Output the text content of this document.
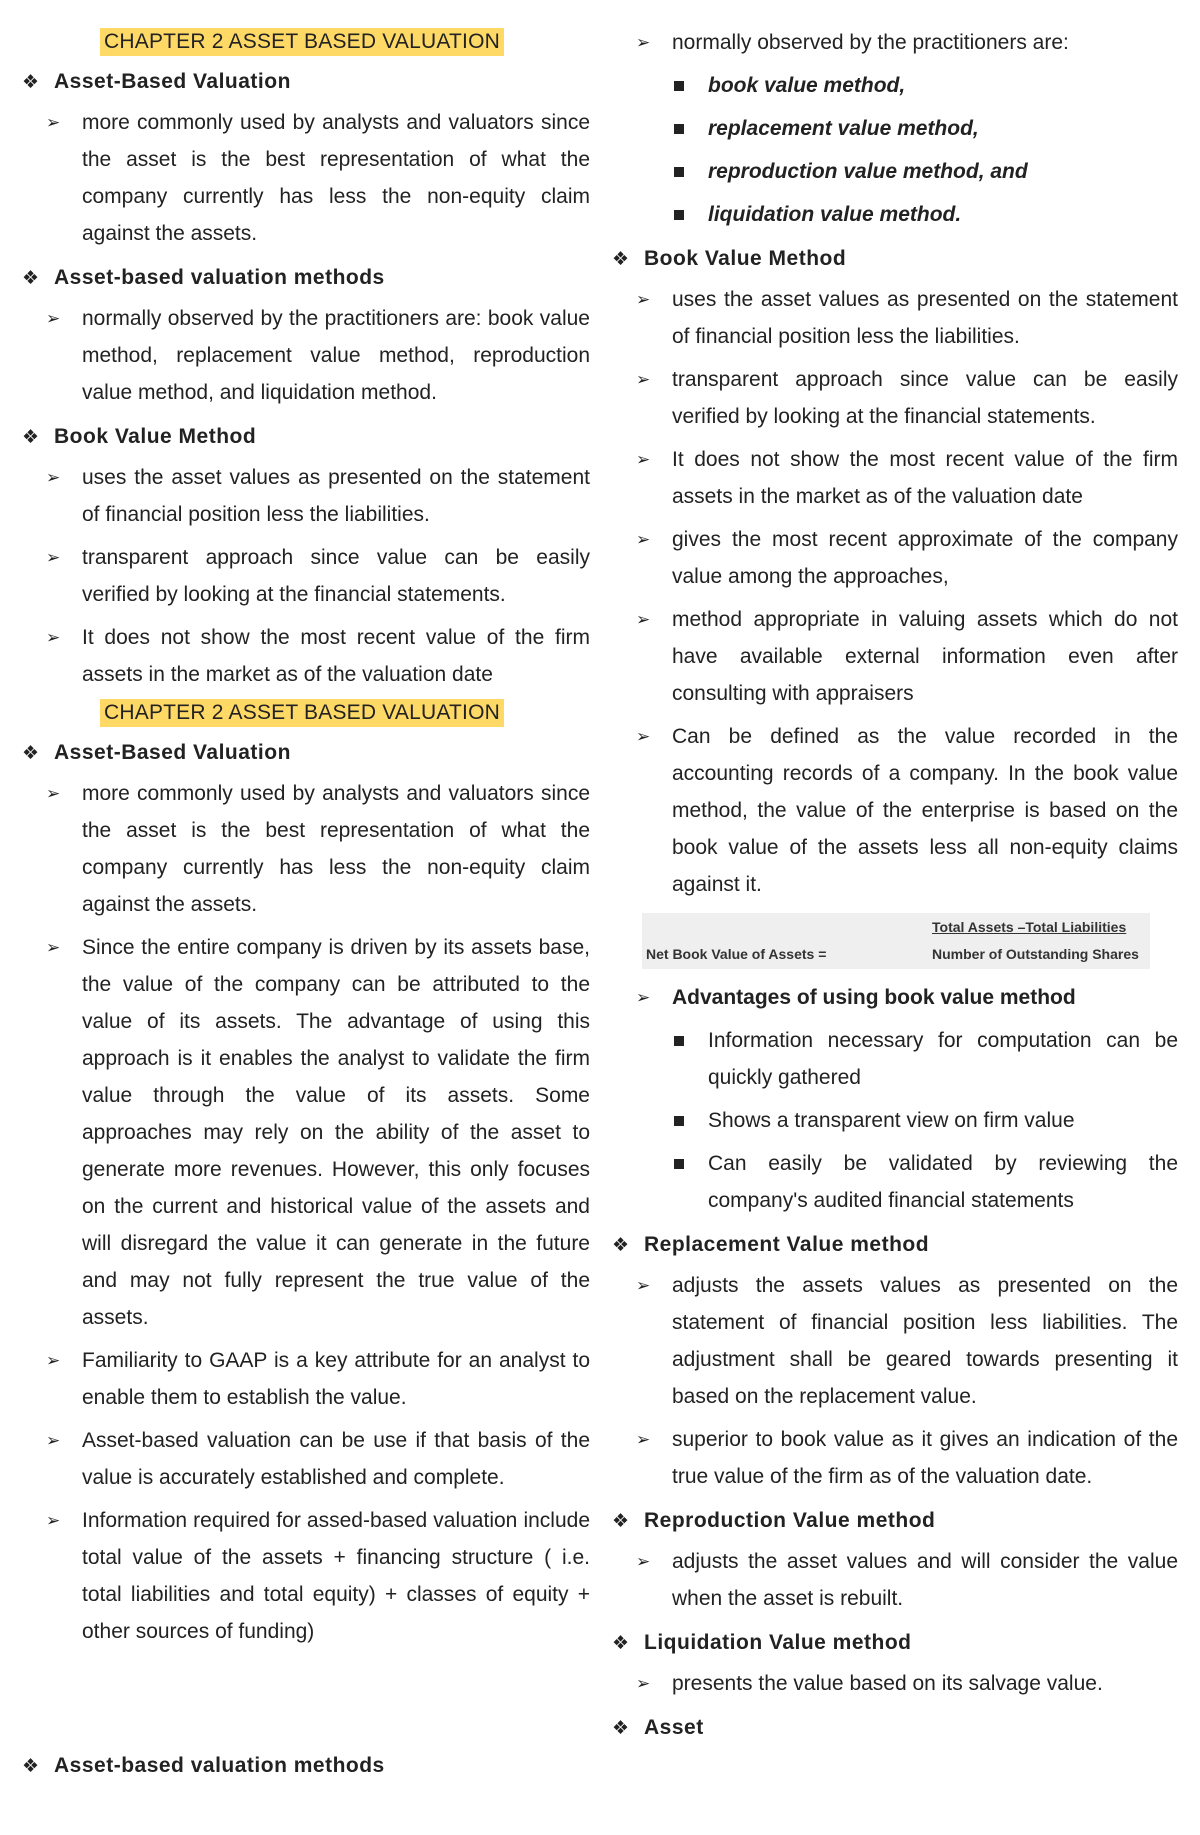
CHAPTER 2 ASSET BASED VALUATION
❖ Asset-Based Valuation
➢ more commonly used by analysts and valuators since the asset is the best representation of what the company currently has less the non-equity claim against the assets.
❖ Asset-based valuation methods
➢ normally observed by the practitioners are: book value method, replacement value method, reproduction value method, and liquidation method.
❖ Book Value Method
➢ uses the asset values as presented on the statement of financial position less the liabilities.
➢ transparent approach since value can be easily verified by looking at the financial statements.
➢ It does not show the most recent value of the firm assets in the market as of the valuation date
CHAPTER 2 ASSET BASED VALUATION
❖ Asset-Based Valuation
➢ more commonly used by analysts and valuators since the asset is the best representation of what the company currently has less the non-equity claim against the assets.
➢ Since the entire company is driven by its assets base, the value of the company can be attributed to the value of its assets. The advantage of using this approach is it enables the analyst to validate the firm value through the value of its assets. Some approaches may rely on the ability of the asset to generate more revenues. However, this only focuses on the current and historical value of the assets and will disregard the value it can generate in the future and may not fully represent the true value of the assets.
➢ Familiarity to GAAP is a key attribute for an analyst to enable them to establish the value.
➢ Asset-based valuation can be use if that basis of the value is accurately established and complete.
➢ Information required for assed-based valuation include total value of the assets + financing structure ( i.e. total liabilities and total equity) + classes of equity + other sources of funding)
❖ Asset-based valuation methods
➢ normally observed by the practitioners are:
book value method,
replacement value method,
reproduction value method, and
liquidation value method.
❖ Book Value Method
➢ uses the asset values as presented on the statement of financial position less the liabilities.
➢ transparent approach since value can be easily verified by looking at the financial statements.
➢ It does not show the most recent value of the firm assets in the market as of the valuation date
➢ gives the most recent approximate of the company value among the approaches,
➢ method appropriate in valuing assets which do not have available external information even after consulting with appraisers
➢ Can be defined as the value recorded in the accounting records of a company. In the book value method, the value of the enterprise is based on the book value of the assets less all non-equity claims against it.
Total Assets –Total Liabilities
Net Book Value of Assets =	Number of Outstanding Shares
➢ Advantages of using book value method
Information necessary for computation can be quickly gathered
Shows a transparent view on firm value
Can easily be validated by reviewing the company's audited financial statements
❖ Replacement Value method
➢ adjusts the assets values as presented on the statement of financial position less liabilities. The adjustment shall be geared towards presenting it based on the replacement value.
➢ superior to book value as it gives an indication of the true value of the firm as of the valuation date.
❖ Reproduction Value method
➢ adjusts the asset values and will consider the value when the asset is rebuilt.
❖ Liquidation Value method
➢ presents the value based on its salvage value.
❖ Asset
